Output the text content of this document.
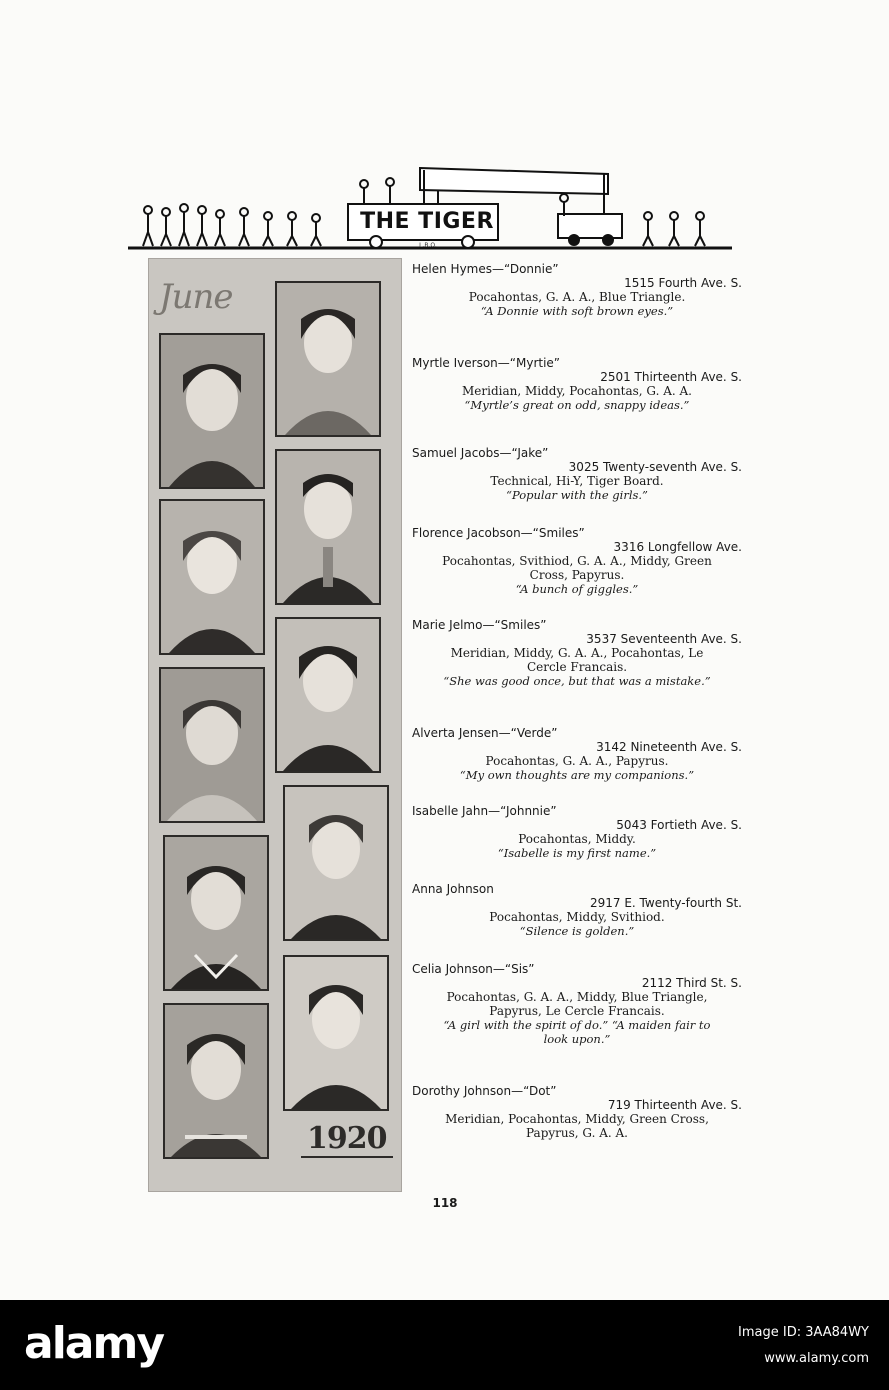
THE TIGER
L.B.O.
June
1920
Helen Hymes—“Donnie”
1515 Fourth Ave. S.
Pocahontas, G. A. A., Blue Triangle.
“A Donnie with soft brown eyes.”
Myrtle Iverson—“Myrtie”
2501 Thirteenth Ave. S.
Meridian, Middy, Pocahontas, G. A. A.
“Myrtle’s great on odd, snappy ideas.”
Samuel Jacobs—“Jake”
3025 Twenty-seventh Ave. S.
Technical, Hi-Y, Tiger Board.
“Popular with the girls.”
Florence Jacobson—“Smiles”
3316 Longfellow Ave.
Pocahontas, Svithiod, G. A. A., Middy, Green Cross, Papyrus.
“A bunch of giggles.”
Marie Jelmo—“Smiles”
3537 Seventeenth Ave. S.
Meridian, Middy, G. A. A., Pocahontas, Le Cercle Francais.
“She was good once, but that was a mistake.”
Alverta Jensen—“Verde”
3142 Nineteenth Ave. S.
Pocahontas, G. A. A., Papyrus.
“My own thoughts are my companions.”
Isabelle Jahn—“Johnnie”
5043 Fortieth Ave. S.
Pocahontas, Middy.
“Isabelle is my first name.”
Anna Johnson
2917 E. Twenty-fourth St.
Pocahontas, Middy, Svithiod.
“Silence is golden.”
Celia Johnson—“Sis”
2112 Third St. S.
Pocahontas, G. A. A., Middy, Blue Triangle, Papyrus, Le Cercle Francais.
“A girl with the spirit of do.” “A maiden fair to look upon.”
Dorothy Johnson—“Dot”
719 Thirteenth Ave. S.
Meridian, Pocahontas, Middy, Green Cross, Papyrus, G. A. A.
118
alamy	Image ID: 3AA84WY
www.alamy.com
